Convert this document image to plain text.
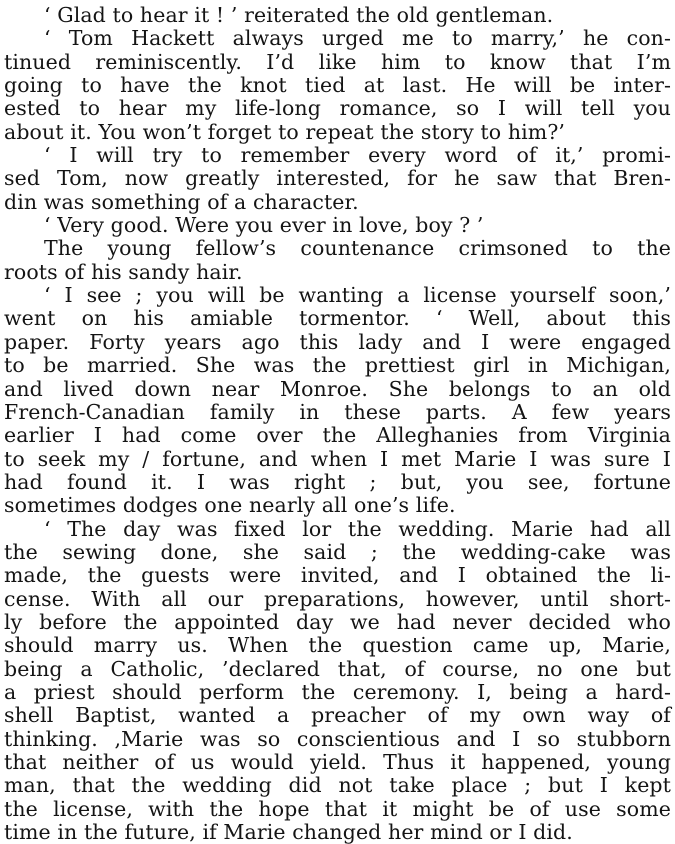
‘ Glad to hear it ! ’ reiterated the old gentleman.
‘ Tom Hackett always urged me to marry,’ he con-
tinued reminiscently. I’d like him to know that I’m
going to have the knot tied at last. He will be inter-
ested to hear my life-long romance, so I will tell you
about it. You won’t forget to repeat the story to him?’
‘ I will try to remember every word of it,’ promi-
sed Tom, now greatly interested, for he saw that Bren-
din was something of a character.
‘ Very good. Were you ever in love, boy ? ’
The young fellow’s countenance crimsoned to the
roots of his sandy hair.
‘ I see ; you will be wanting a license yourself soon,’
went on his amiable tormentor. ‘ Well, about this
paper. Forty years ago this lady and I were engaged
to be married. She was the prettiest girl in Michigan,
and lived down near Monroe. She belongs to an old
French-Canadian family in these parts. A few years
earlier I had come over the Alleghanies from Virginia
to seek my / fortune, and when I met Marie I was sure I
had found it. I was right ; but, you see, fortune
sometimes dodges one nearly all one’s life.
‘ The day was fixed lor the wedding. Marie had all
the sewing done, she said ; the wedding-cake was
made, the guests were invited, and I obtained the li-
cense. With all our preparations, however, until short-
ly before the appointed day we had never decided who
should marry us. When the question came up, Marie,
being a Catholic, ’declared that, of course, no one but
a priest should perform the ceremony. I, being a hard-
shell Baptist, wanted a preacher of my own way of
thinking. ,Marie was so conscientious and I so stubborn
that neither of us would yield. Thus it happened, young
man, that the wedding did not take place ; but I kept
the license, with the hope that it might be of use some
time in the future, if Marie changed her mind or I did.
